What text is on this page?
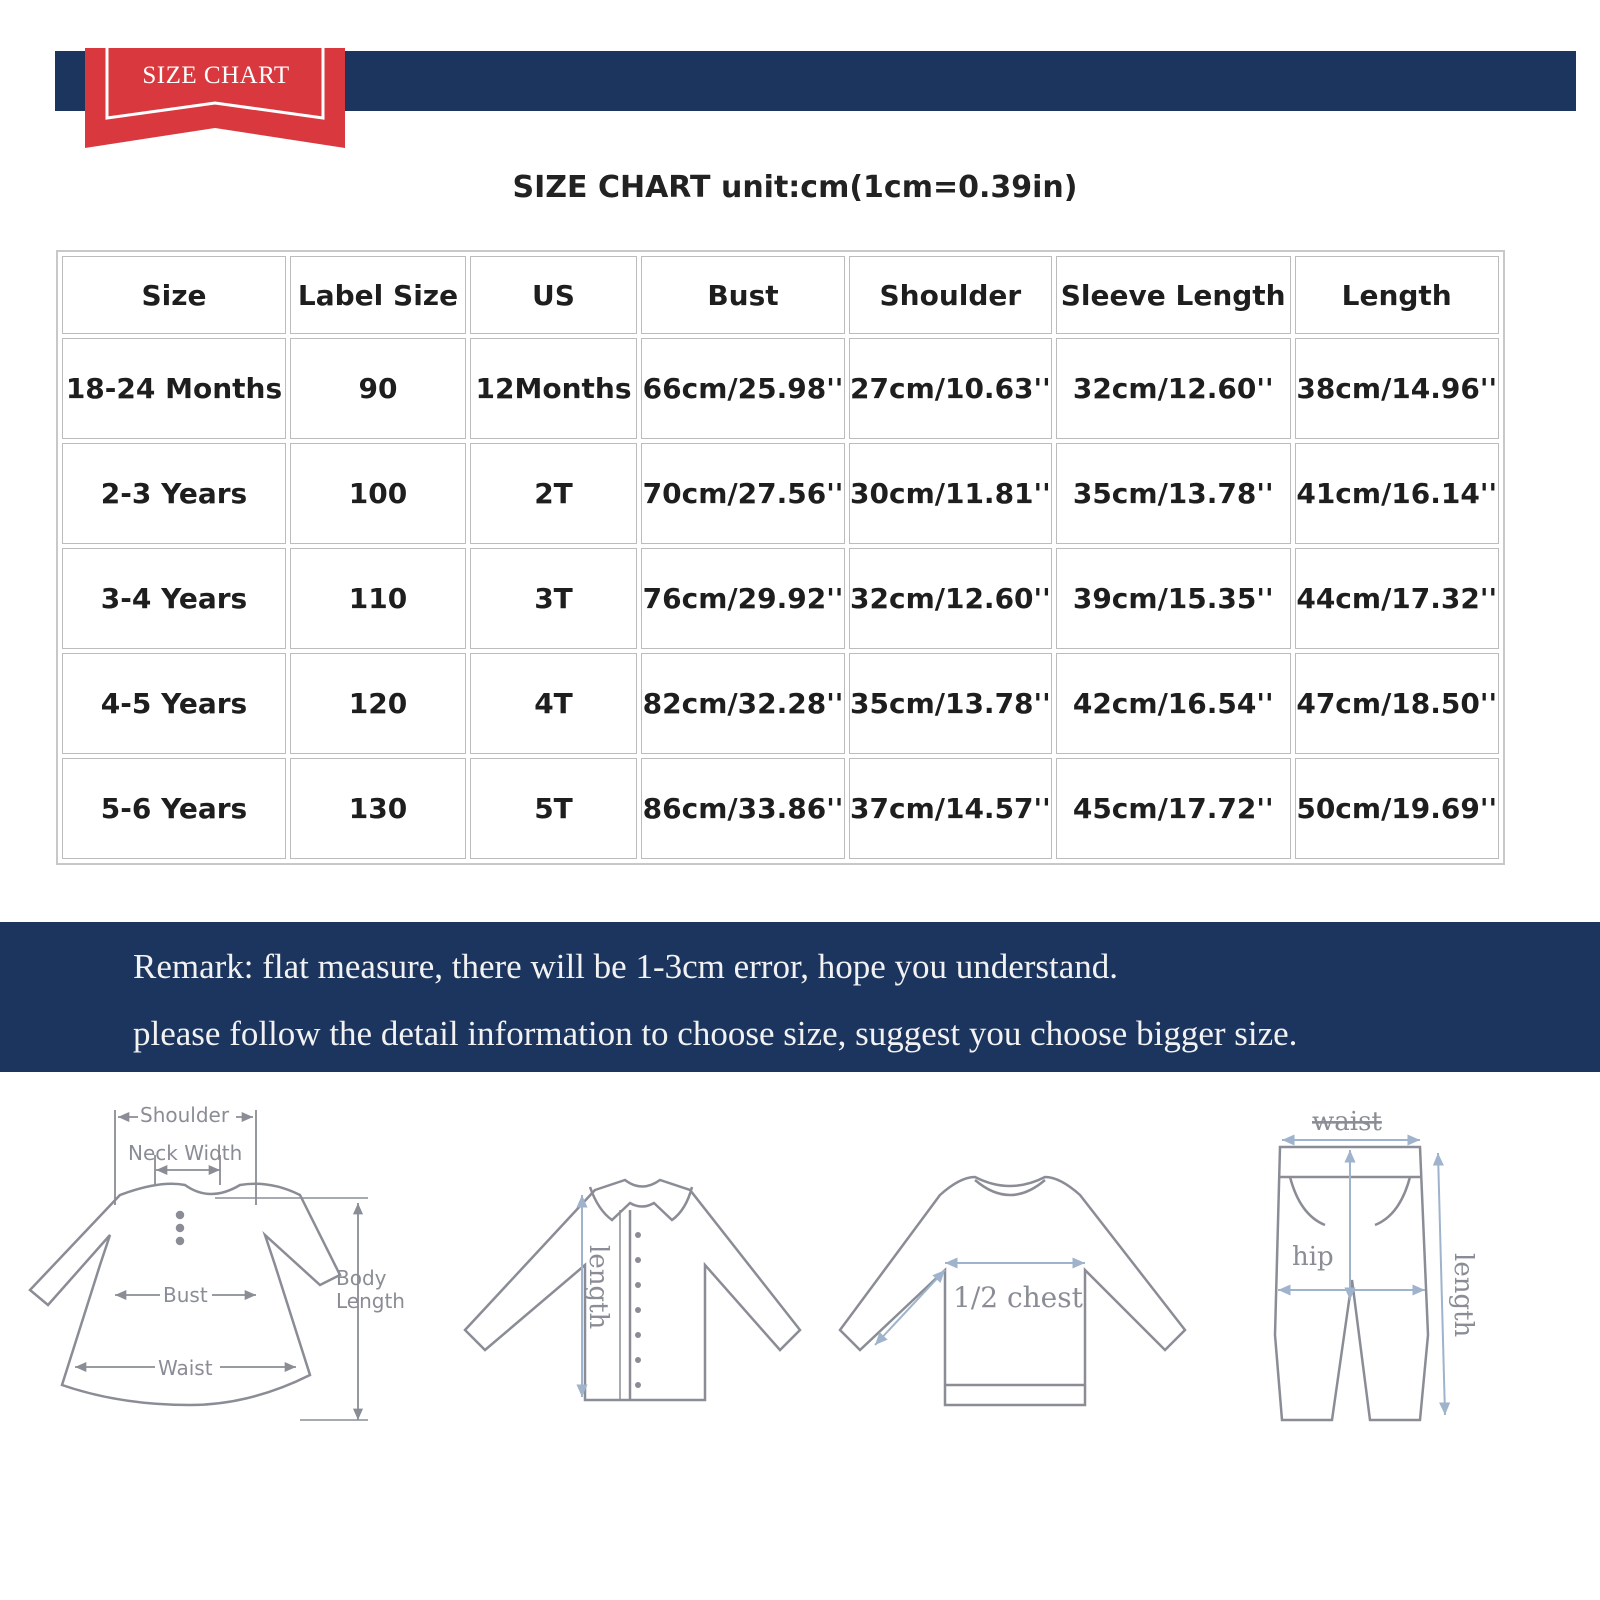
SIZE CHART
SIZE CHART unit:cm(1cm=0.39in)
Size	Label Size	US	Bust	Shoulder	Sleeve Length	Length
18-24 Months	90	12Months	66cm/25.98''	27cm/10.63''	32cm/12.60''	38cm/14.96''
2-3 Years	100	2T	70cm/27.56''	30cm/11.81''	35cm/13.78''	41cm/16.14''
3-4 Years	110	3T	76cm/29.92''	32cm/12.60''	39cm/15.35''	44cm/17.32''
4-5 Years	120	4T	82cm/32.28''	35cm/13.78''	42cm/16.54''	47cm/18.50''
5-6 Years	130	5T	86cm/33.86''	37cm/14.57''	45cm/17.72''	50cm/19.69''
Remark: flat measure, there will be 1-3cm error, hope you understand.
please follow the detail information to choose size, suggest you choose bigger size.
Shoulder
Neck Width
Bust
Waist
Body
Length	length	1/2 chest
waist
hip	length
